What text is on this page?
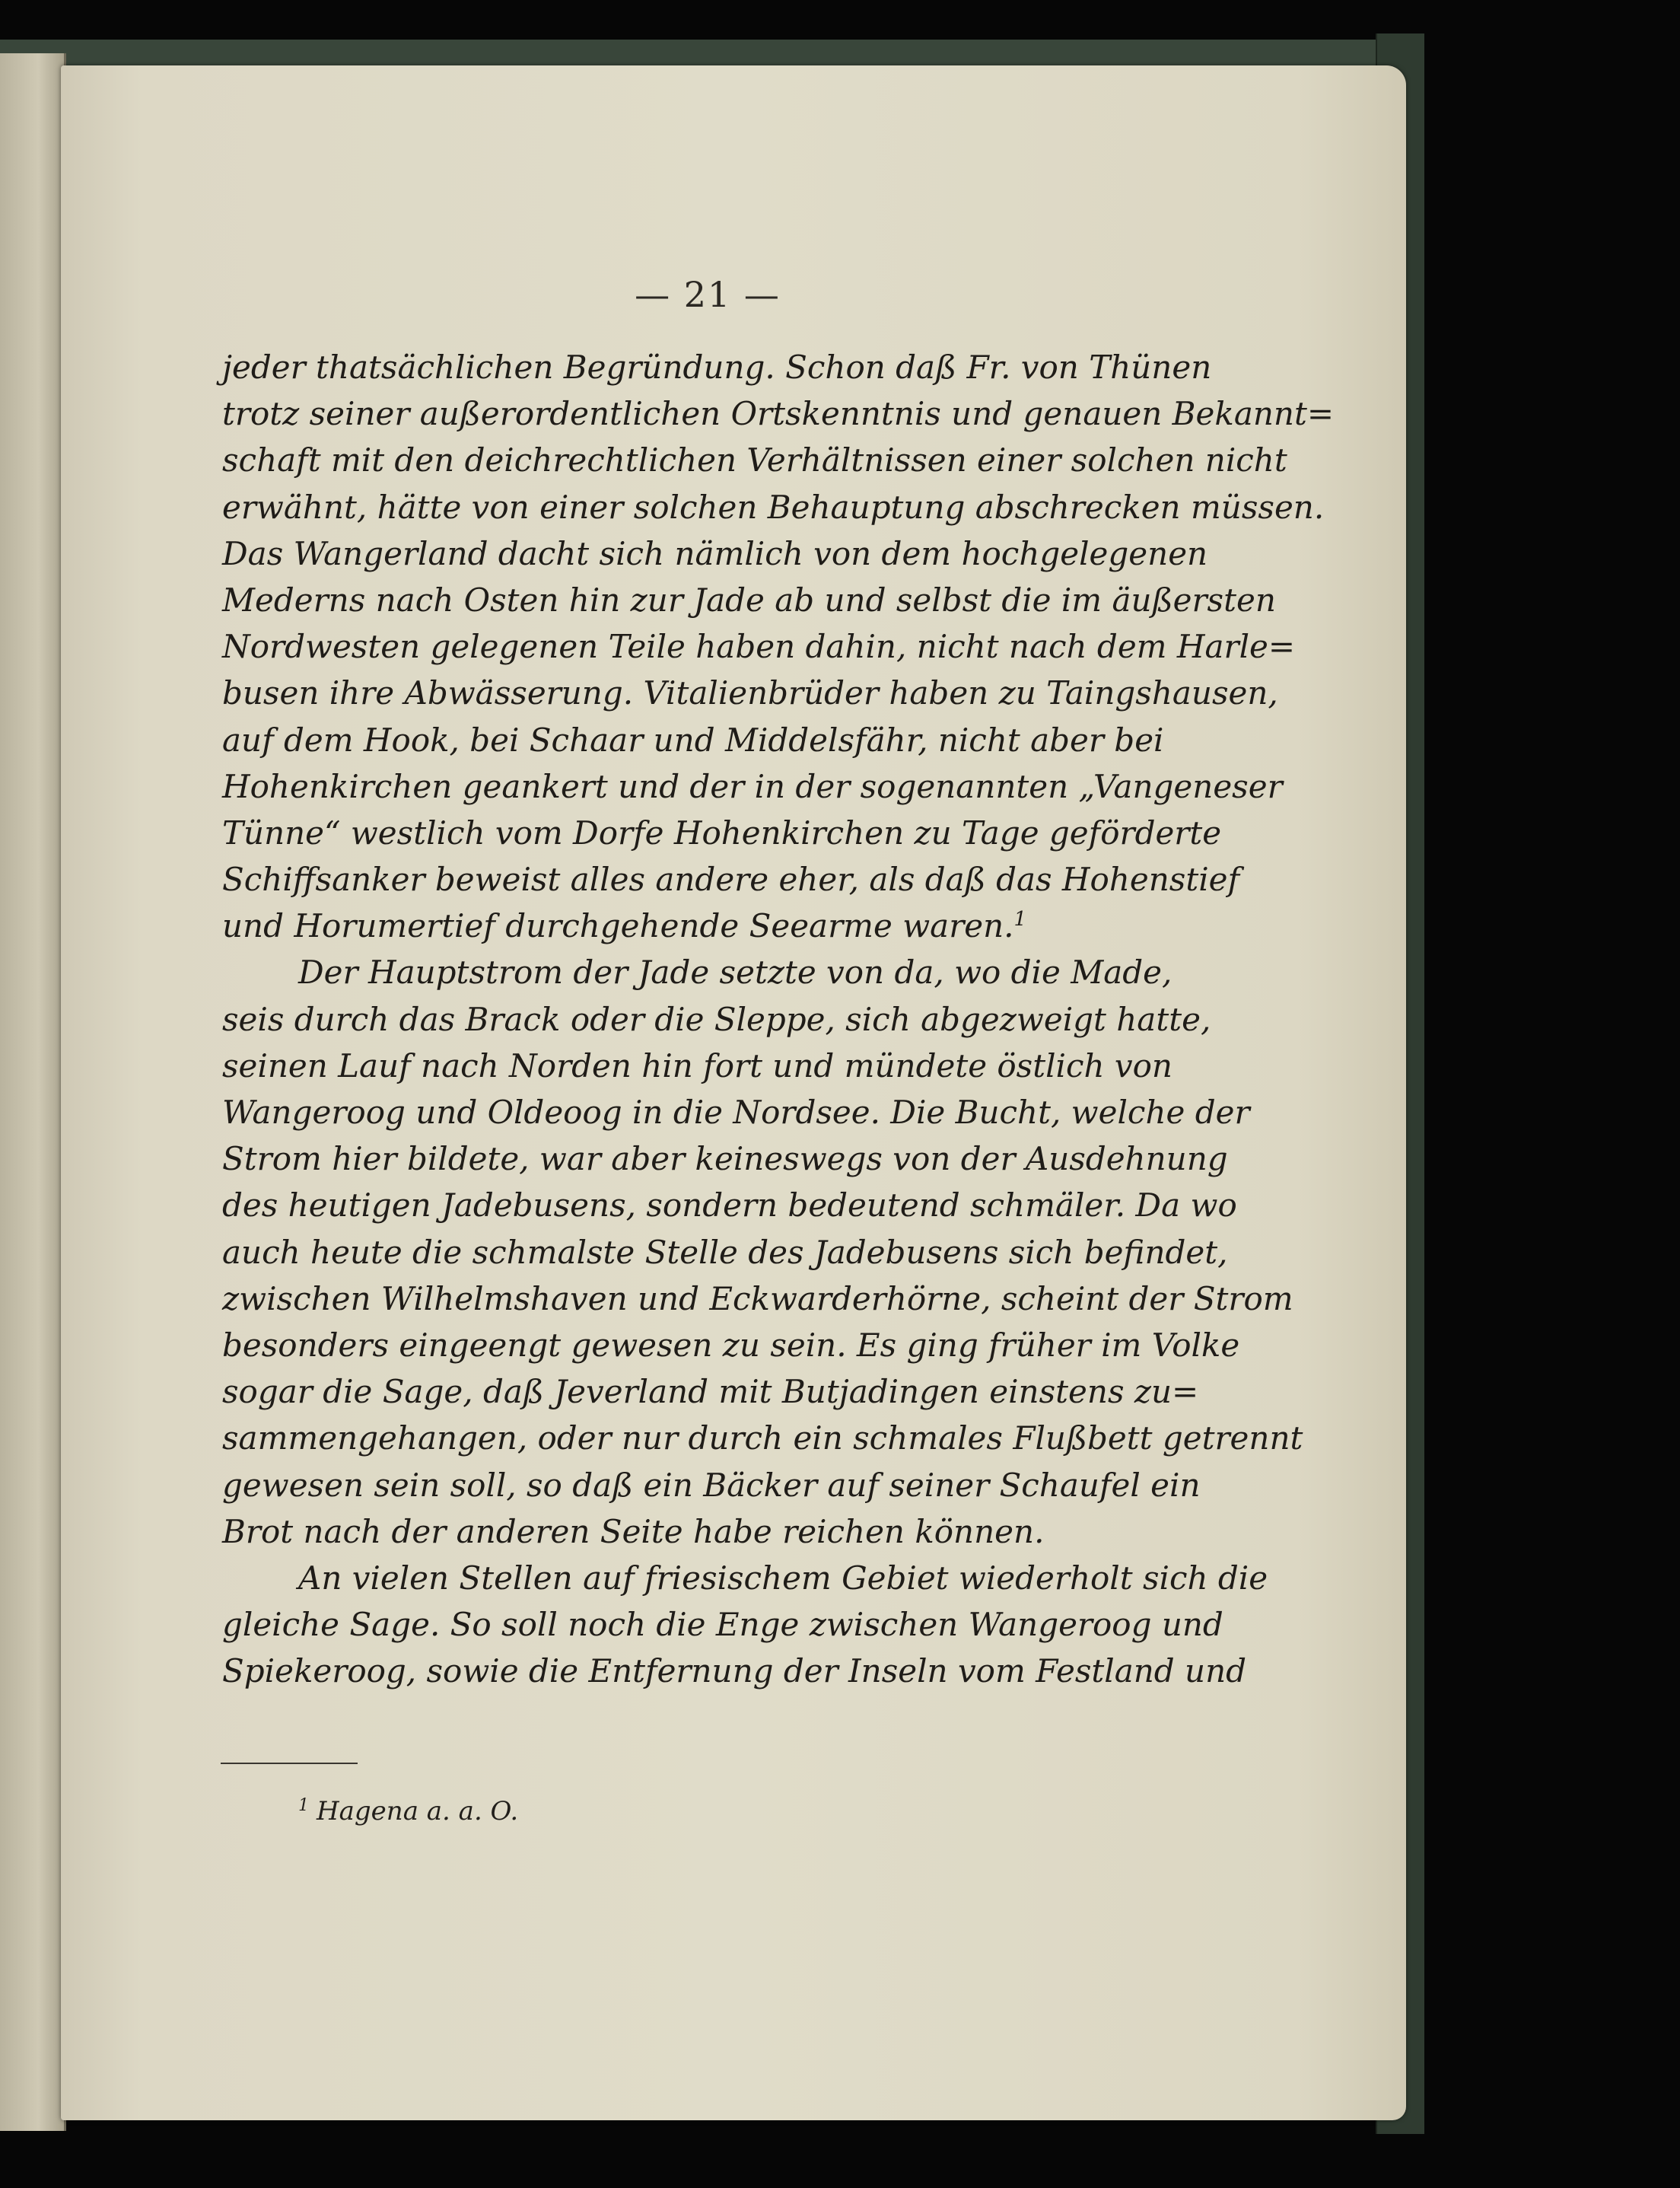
— 21 —
jeder thatsächlichen Begründung. Schon daß Fr. von Thünen
trotz seiner außerordentlichen Ortskenntnis und genauen Bekannt=
schaft mit den deichrechtlichen Verhältnissen einer solchen nicht
erwähnt, hätte von einer solchen Behauptung abschrecken müssen.
Das Wangerland dacht sich nämlich von dem hochgelegenen
Mederns nach Osten hin zur Jade ab und selbst die im äußersten
Nordwesten gelegenen Teile haben dahin, nicht nach dem Harle=
busen ihre Abwässerung. Vitalienbrüder haben zu Taingshausen,
auf dem Hook, bei Schaar und Middelsfähr, nicht aber bei
Hohenkirchen geankert und der in der sogenannten „Vangeneser
Tünne“ westlich vom Dorfe Hohenkirchen zu Tage geförderte
Schiffsanker beweist alles andere eher, als daß das Hohenstief
und Horumertief durchgehende Seearme waren.$^1$
Der Hauptstrom der Jade setzte von da, wo die Made,
seis durch das Brack oder die Sleppe, sich abgezweigt hatte,
seinen Lauf nach Norden hin fort und mündete östlich von
Wangeroog und Oldeoog in die Nordsee. Die Bucht, welche der
Strom hier bildete, war aber keineswegs von der Ausdehnung
des heutigen Jadebusens, sondern bedeutend schmäler. Da wo
auch heute die schmalste Stelle des Jadebusens sich befindet,
zwischen Wilhelmshaven und Eckwarderhörne, scheint der Strom
besonders eingeengt gewesen zu sein. Es ging früher im Volke
sogar die Sage, daß Jeverland mit Butjadingen einstens zu=
sammengehangen, oder nur durch ein schmales Flußbett getrennt
gewesen sein soll, so daß ein Bäcker auf seiner Schaufel ein
Brot nach der anderen Seite habe reichen können.
An vielen Stellen auf friesischem Gebiet wiederholt sich die
gleiche Sage. So soll noch die Enge zwischen Wangeroog und
Spiekeroog, sowie die Entfernung der Inseln vom Festland und
$^1$ Hagena a. a. O.
